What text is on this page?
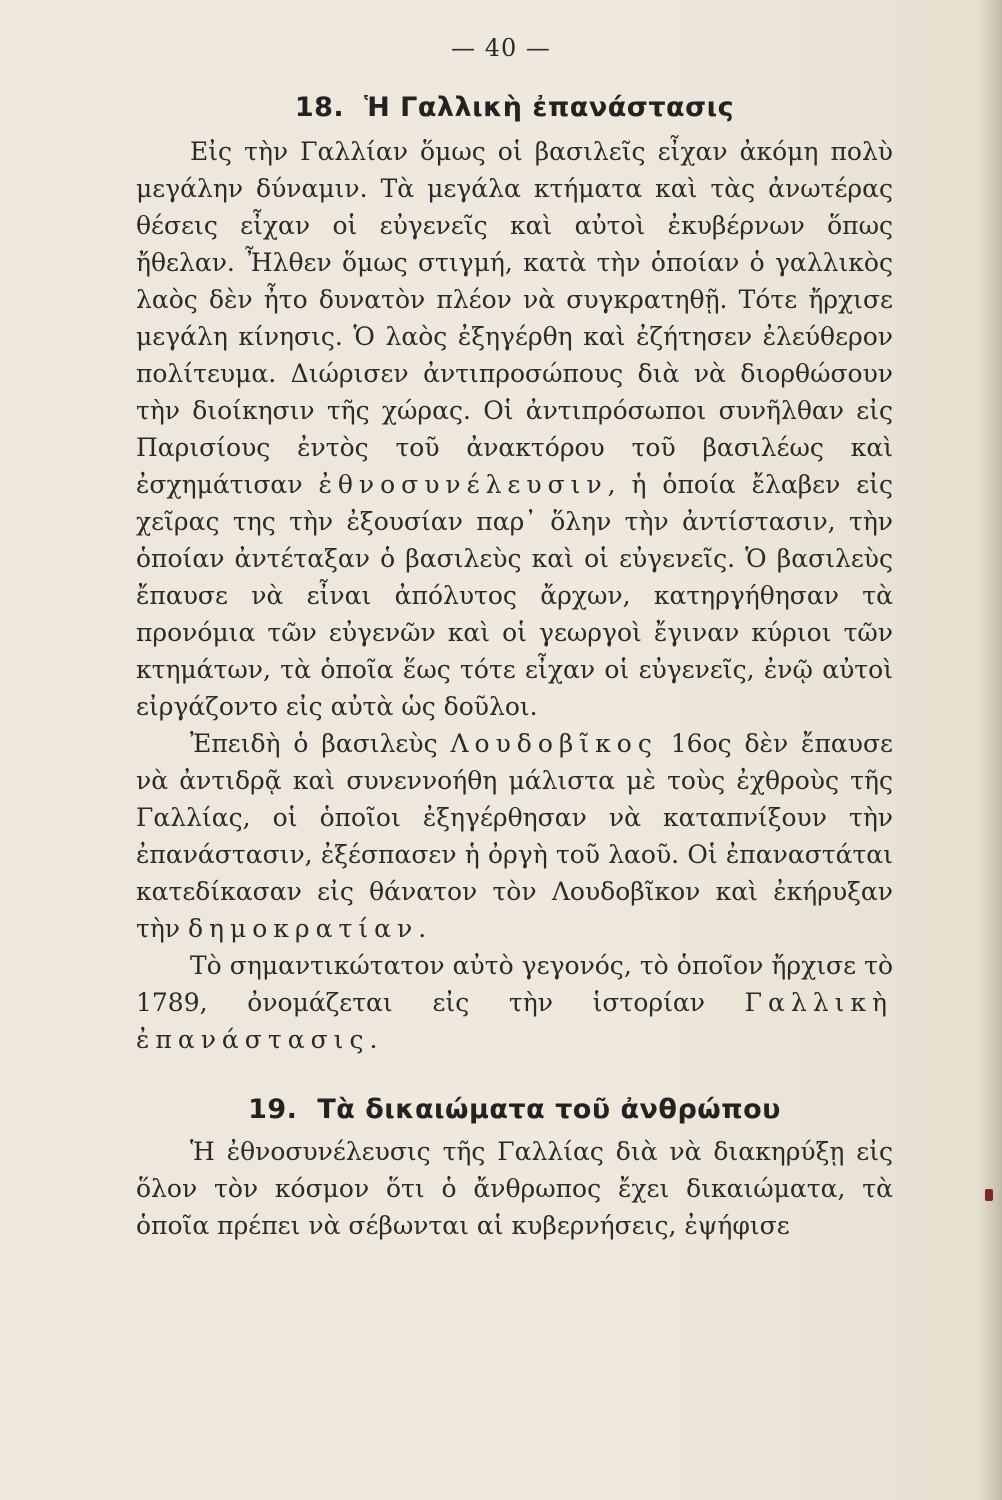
— 40 —
18. Ἡ Γαλλικὴ ἐπανάστασις

Εἰς τὴν Γαλλίαν ὅμως οἱ βασιλεῖς εἶχαν ἀκόμη πολὺ μεγάλην δύναμιν. Τὰ μεγάλα κτήματα καὶ τὰς ἀνωτέρας θέσεις εἶχαν οἱ εὐγενεῖς καὶ αὐτοὶ ἐκυβέρνων ὅπως ἤθελαν. Ἦλθεν ὅμως στιγμή, κατὰ τὴν ὁποίαν ὁ γαλλικὸς λαὸς δὲν ἦτο δυνατὸν πλέον νὰ συγκρατηθῇ. Τότε ἤρχισε μεγάλη κίνησις. Ὁ λαὸς ἐξηγέρθη καὶ ἐζήτησεν ἐλεύθερον πολίτευμα. Διώρισεν ἀντιπροσώπους διὰ νὰ διορθώσουν τὴν διοίκησιν τῆς χώρας. Οἱ ἀντιπρόσωποι συνῆλθαν εἰς Παρισίους ἐντὸς τοῦ ἀνακτόρου τοῦ βασιλέως καὶ ἐσχημάτισαν ἐθνοσυνέλευσιν, ἡ ὁποία ἔλαβεν εἰς χεῖρας της τὴν ἐξουσίαν παρ᾽ ὅλην τὴν ἀντίστασιν, τὴν ὁποίαν ἀντέταξαν ὁ βασιλεὺς καὶ οἱ εὐγενεῖς. Ὁ βασιλεὺς ἔπαυσε νὰ εἶναι ἀπόλυτος ἄρχων, κατηργήθησαν τὰ προνόμια τῶν εὐγενῶν καὶ οἱ γεωργοὶ ἔγιναν κύριοι τῶν κτημάτων, τὰ ὁποῖα ἕως τότε εἶχαν οἱ εὐγενεῖς, ἐνῷ αὐτοὶ εἰργάζοντο εἰς αὐτὰ ὡς δοῦλοι.

Ἐπειδὴ ὁ βασιλεὺς Λουδοβῖκος 16ος δὲν ἔπαυσε νὰ ἀντιδρᾷ καὶ συνεννοήθη μάλιστα μὲ τοὺς ἐχθροὺς τῆς Γαλλίας, οἱ ὁποῖοι ἐξηγέρθησαν νὰ καταπνίξουν τὴν ἐπανάστασιν, ἐξέσπασεν ἡ ὀργὴ τοῦ λαοῦ. Οἱ ἐπαναστάται κατεδίκασαν εἰς θάνατον τὸν Λουδοβῖκον καὶ ἐκήρυξαν τὴν δημοκρατίαν.

Τὸ σημαντικώτατον αὐτὸ γεγονός, τὸ ὁποῖον ἤρχισε τὸ 1789, ὀνομάζεται εἰς τὴν ἱστορίαν Γαλλικὴ ἐπανάστασις.

19. Τὰ δικαιώματα τοῦ ἀνθρώπου

Ἡ ἐθνοσυνέλευσις τῆς Γαλλίας διὰ νὰ διακηρύξῃ εἰς ὅλον τὸν κόσμον ὅτι ὁ ἄνθρωπος ἔχει δικαιώματα, τὰ ὁποῖα πρέπει νὰ σέβωνται αἱ κυβερνήσεις, ἐψήφισε
